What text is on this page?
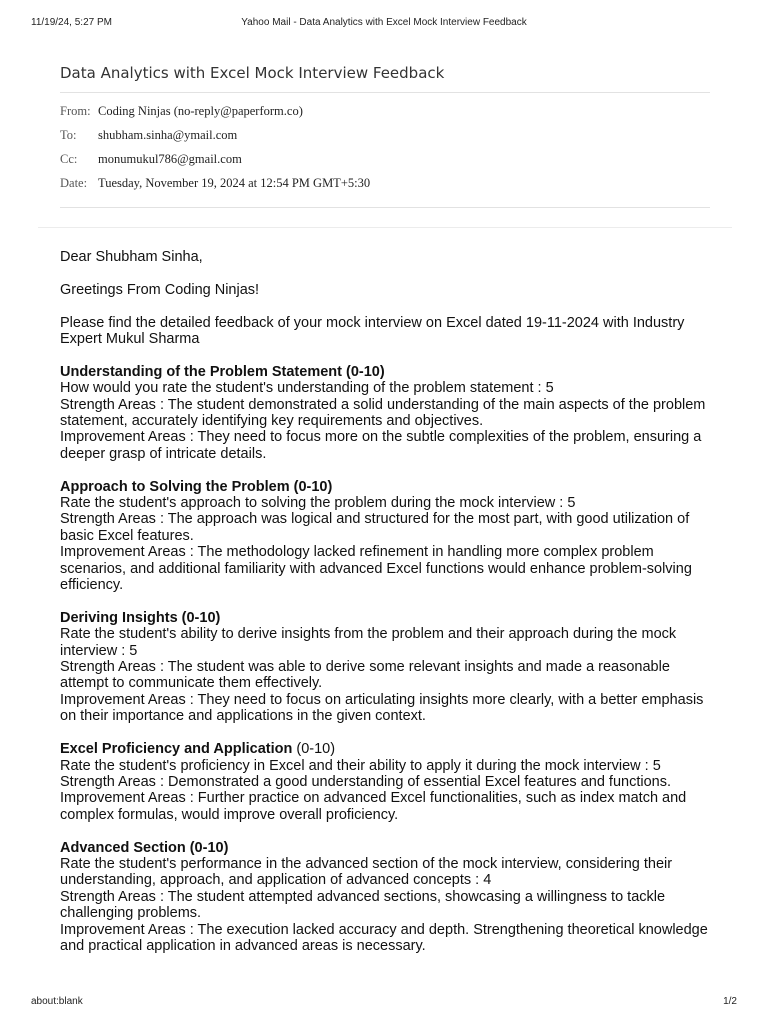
11/19/24, 5:27 PM	Yahoo Mail - Data Analytics with Excel Mock Interview Feedback
Data Analytics with Excel Mock Interview Feedback
From: Coding Ninjas (no-reply@paperform.co)
To:	shubham.sinha@ymail.com
Cc:	monumukul786@gmail.com
Date: Tuesday, November 19, 2024 at 12:54 PM GMT+5:30

Dear Shubham Sinha,

Greetings From Coding Ninjas!

Please find the detailed feedback of your mock interview on Excel dated 19-11-2024 with Industry Expert Mukul Sharma

Understanding of the Problem Statement (0-10)

How would you rate the student's understanding of the problem statement : 5

Strength Areas : The student demonstrated a solid understanding of the main aspects of the problem statement, accurately identifying key requirements and objectives.

Improvement Areas : They need to focus more on the subtle complexities of the problem, ensuring a deeper grasp of intricate details.

Approach to Solving the Problem (0-10)

Rate the student's approach to solving the problem during the mock interview : 5

Strength Areas : The approach was logical and structured for the most part, with good utilization of basic Excel features.

Improvement Areas : The methodology lacked refinement in handling more complex problem scenarios, and additional familiarity with advanced Excel functions would enhance problem-solving efficiency.

Deriving Insights (0-10)

Rate the student's ability to derive insights from the problem and their approach during the mock interview : 5

Strength Areas : The student was able to derive some relevant insights and made a reasonable attempt to communicate them effectively.

Improvement Areas : They need to focus on articulating insights more clearly, with a better emphasis on their importance and applications in the given context.

Excel Proficiency and Application (0-10)

Rate the student's proficiency in Excel and their ability to apply it during the mock interview : 5

Strength Areas : Demonstrated a good understanding of essential Excel features and functions.

Improvement Areas : Further practice on advanced Excel functionalities, such as index match and complex formulas, would improve overall proficiency.

Advanced Section (0-10)

Rate the student's performance in the advanced section of the mock interview, considering their understanding, approach, and application of advanced concepts : 4

Strength Areas : The student attempted advanced sections, showcasing a willingness to tackle challenging problems.

Improvement Areas : The execution lacked accuracy and depth. Strengthening theoretical knowledge and practical application in advanced areas is necessary.

about:blank	1/2
